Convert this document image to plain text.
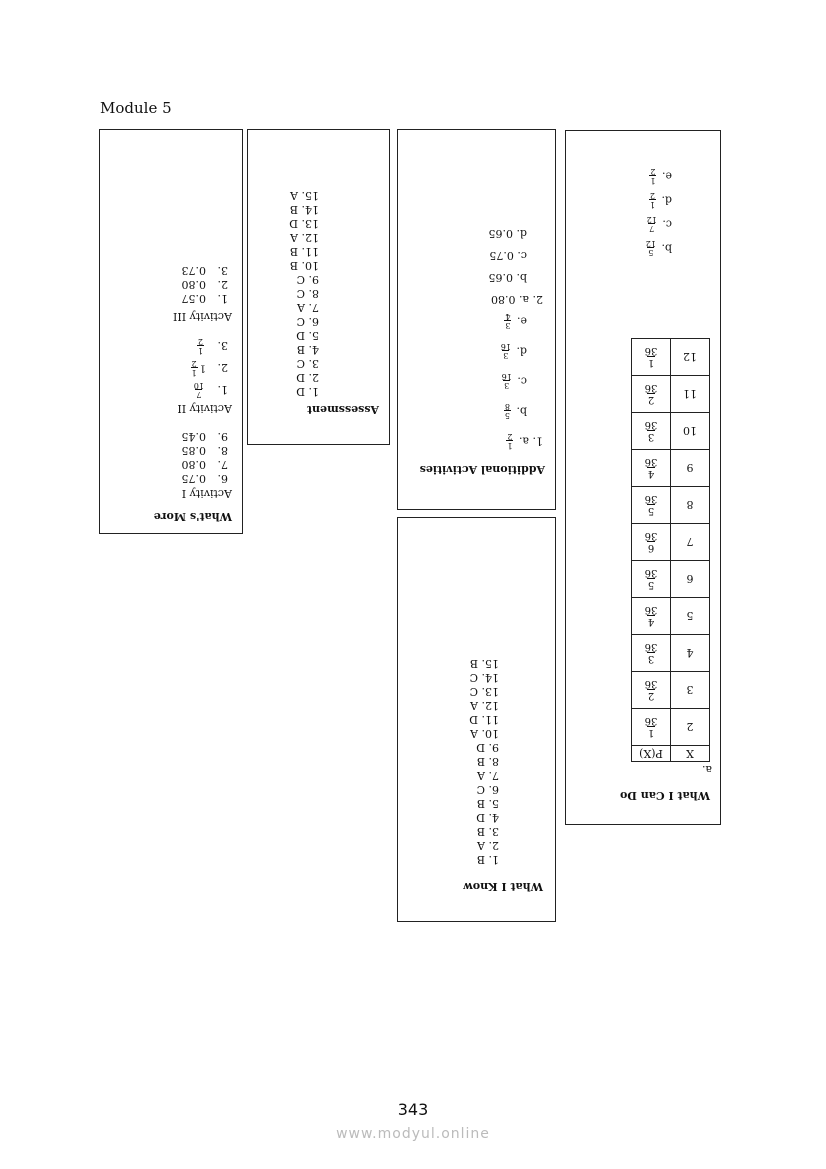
Module 5
What's More
Activity I
6.0.75
7.0.80
8.0.85
9.0.45
Activity II
1.
7
10
2.1
1
2
3.
1
2
Activity III
1.0.57
2.0.80
3.0.73
Assessment
1. D
2. D
3. C
4. B
5. D
6. C
7. A
8. C
9. C
10. B
11. B
12. A
13. D
14. B
15. A
Additional Activities
1. a.
1
2
b.
5
8
c.
3
16
d.
3
16
e.
3
4
2. a. 0.80
b. 0.65
c. 0.75
d. 0.65
What I Know
1. B
2. A
3. B
4. D
5. B
6. C
7. A
8. B
9. D
10. A
11. D
12. A
13. C
14. C
15. B
What I Can Do
a.
X	P(X)
2	1
36

3	2
36

4	3
36

5	4
36

6	5
36

7	6
36

8	5
36

9	4
36

10	3
36

11	2
36

12	1
36
b.
5
12
c.
7
12
d.
1
2
e.
1
2
343
www.modyul.online
